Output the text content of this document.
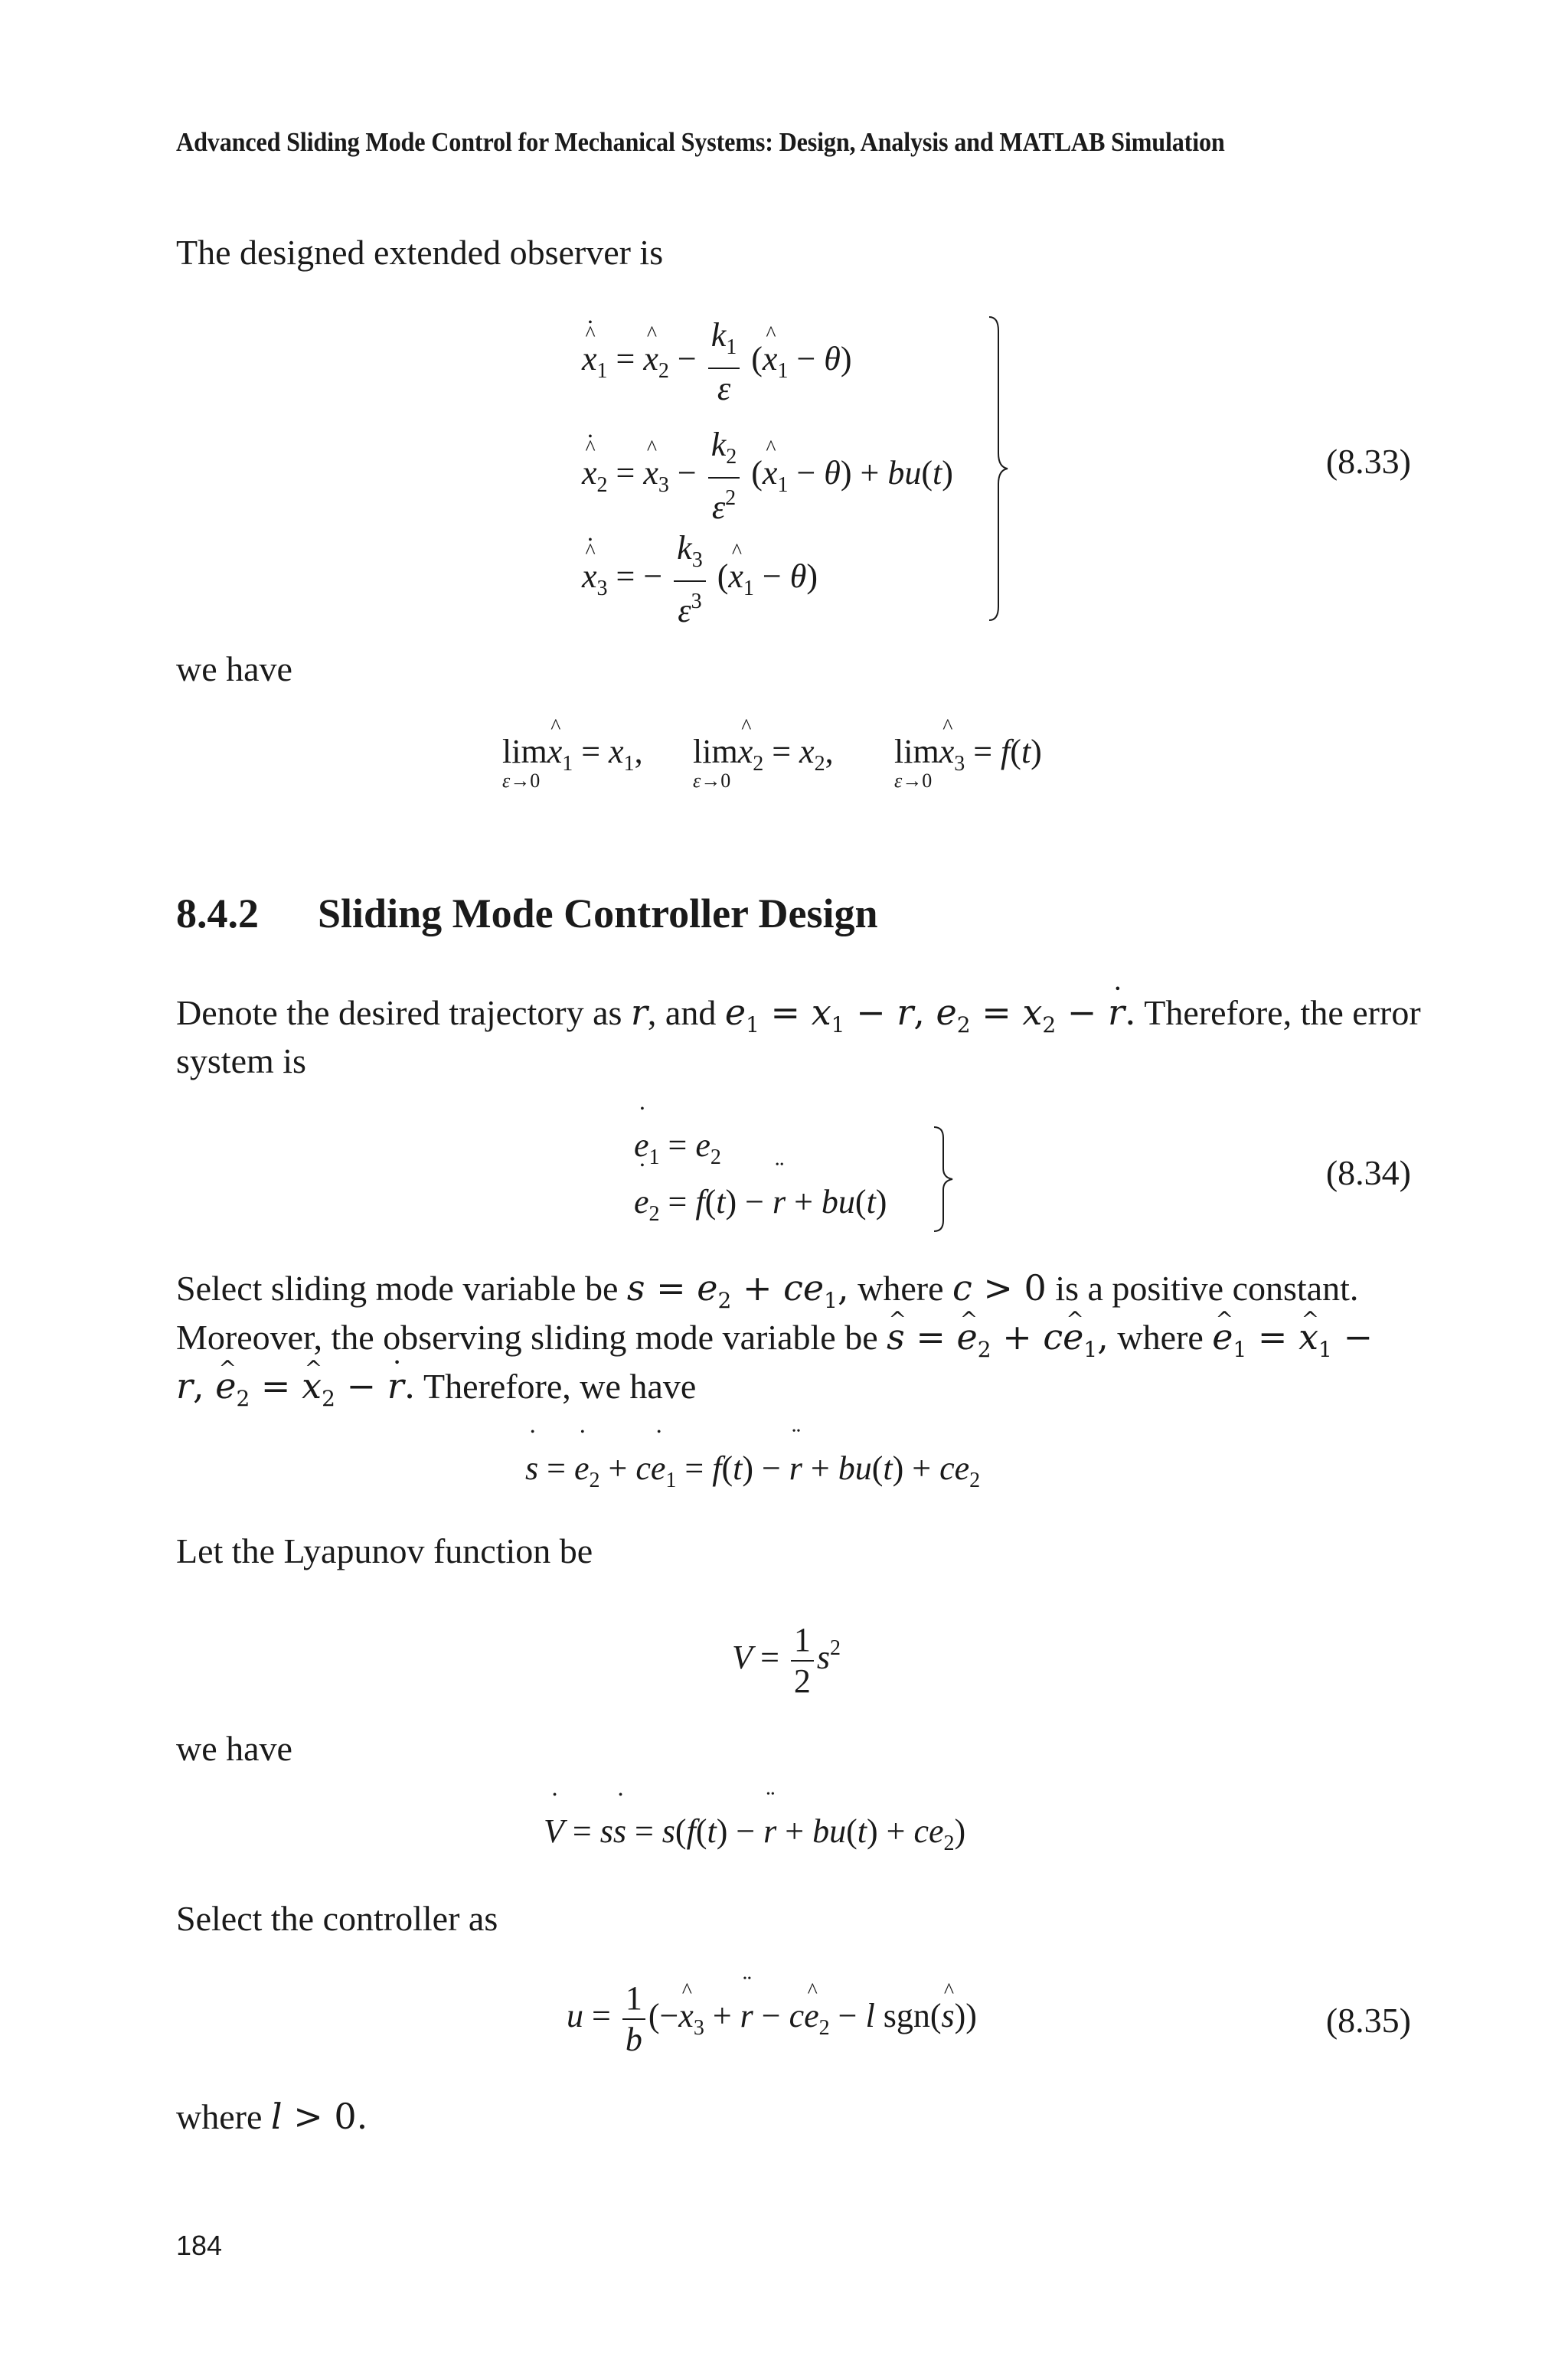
Advanced Sliding Mode Control for Mechanical Systems: Design, Analysis and MATLAB Simulation
The designed extended observer is
^ x $•_1$ = ^ $x_2 - \frac{k_1}{\varepsilon}$ (^ $x_1 - \theta$)
^ x $•_2$ = ^ $x_3 - \frac{k_2}{\varepsilon^2}$ (^ $x_1 - \theta) + bu(t)$
^ x $•_3$ = − $\frac{k_3}{\varepsilon^3}$ (^ $x_1 - \theta$)
(8.33)
we have
lim^ $x_1 = x_1$, lim^ $x_2 = x_2$, lim^ $x_3 = f(t)$
ε→0	ε→0	ε→0
8.4.2 Sliding Mode Controller Design
Denote the desired trajectory as r, and $e_1 = x_1 - r$, $e_2 = x_2 - r$ •. Therefore, the error
system is
e $•_1 = e_2$
e $•_2 = f(t) - r$ •• + bu(t)
(8.34)
Select sliding mode variable be $s = e_2 + ce_1$, where c > 0 is a positive constant.
Moreover, the observing sliding mode variable be ^ s = ^ $e_2$ + c^ $e_1$, where ^ $e_1$ = ^ $x_1$ −
r, ^ $e_2$ = ^ $x_2 - r$ •. Therefore, we have
s • = e $•_2$ + ce $•_1 = f(t) - r$ •• + $bu(t) + ce_2$
Let the Lyapunov function be
$V = \frac{1}{2} s^2$
we have
V • = ss • = s(f(t) − r •• + $bu(t) + ce_2$)
Select the controller as
$u = \frac{1}{b}$ (−^ $x_3 + r$ •• − c^ $e_2 - l$ sgn(^ s))	(8.35)
where l > 0.
184
